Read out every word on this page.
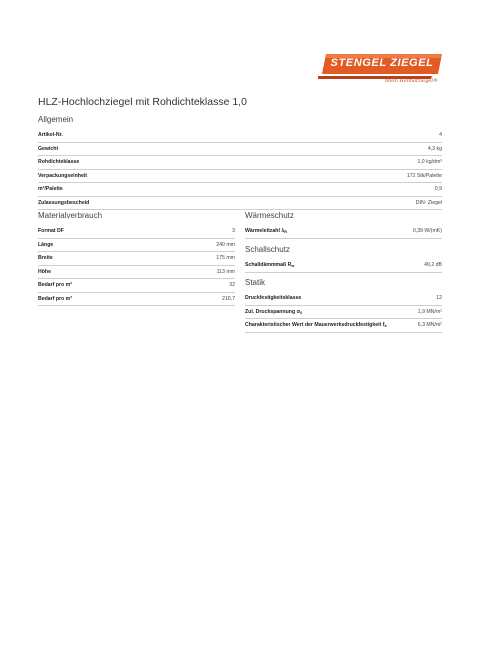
STENGEL ZIEGEL
Mein Heimatziegel®
HLZ-Hochlochziegel mit Rohdichteklasse 1,0
Allgemein
Artikel-Nr.	4
Gewicht	4,3 kg
Rohdichteklasse	1,0 kg/dm³
Verpackungseinheit	172 Stk/Palette
m²/Palette	0,9
Zulassungsbescheid	DIN- Ziegel
Materialverbrauch
Format DF	3
Länge	240 mm
Breite	175 mm
Höhe	113 mm
Bedarf pro m²	32
Bedarf pro m³	210,7
Wärmeschutz
Wärmeleitzahl $\lambda_R$	0,39 W/(mK)
Schallschutz
Schalldämmmaß $R_w$	49,2 dB
Statik
Druckfestigkeitsklasse	12
Zul. Druckspannung $\sigma_0$	1,9 MN/m²
Charakteristischer Wert der Mauerwerksdruckfestigkeit $f_k$	6,3 MN/m²
